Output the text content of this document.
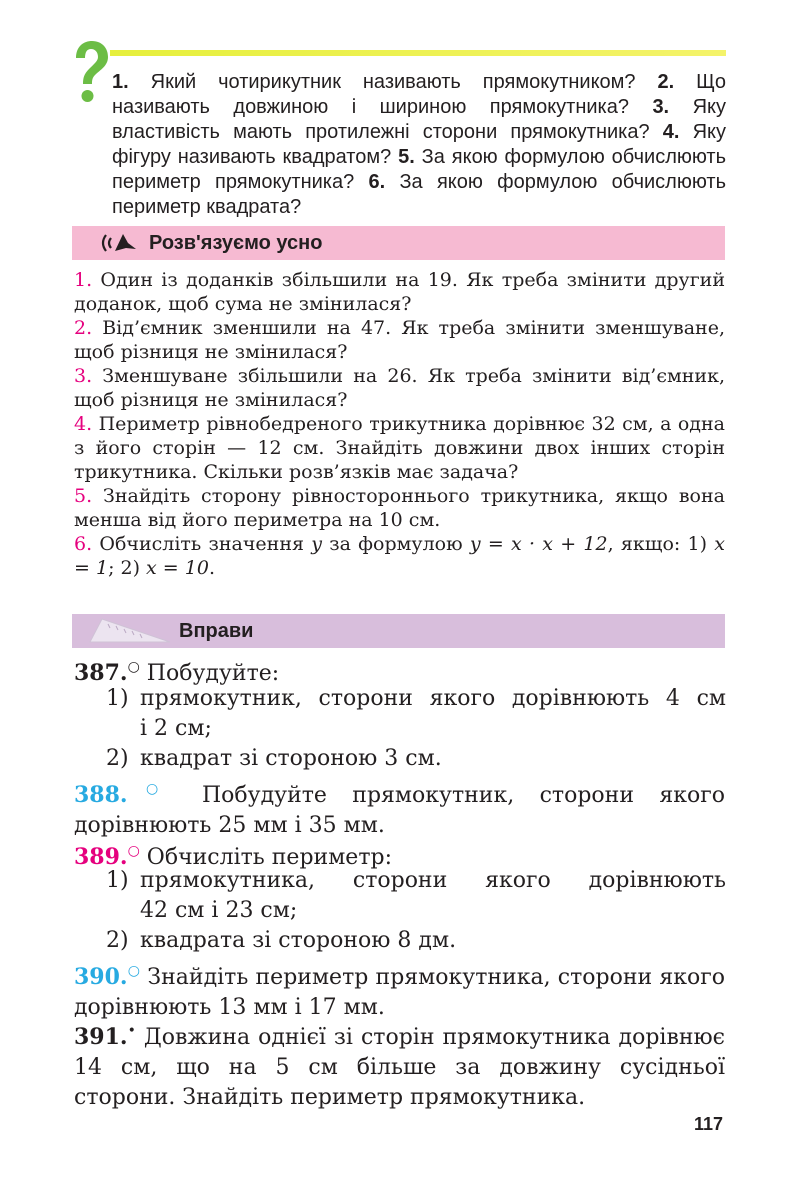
1. Який чотирикутник називають прямокутником? 2. Що називають довжиною і шириною прямокутника? 3. Яку властивість мають протилежні сторони прямокутника? 4. Яку фігуру називають квадратом? 5. За якою формулою обчислюють периметр прямокутника? 6. За якою формулою обчислюють периметр квадрата?
Розв'язуємо усно

1. Один із доданків збільшили на 19. Як треба змінити другий доданок, щоб сума не змінилася?

2. Від’ємник зменшили на 47. Як треба змінити зменшуване, щоб різниця не змінилася?

3. Зменшуване збільшили на 26. Як треба змінити від’ємник, щоб різниця не змінилася?

4. Периметр рівнобедреного трикутника дорівнює 32 см, а одна з його сторін — 12 см. Знайдіть довжини двох інших сторін трикутника. Скільки розв’язків має задача?

5. Знайдіть сторону рівностороннього трикутника, якщо вона менша від його периметра на 10 см.

6. Обчисліть значення y за формулою y = x · x + 12, якщо: 1) x = 1; 2) x = 10.

Вправи

387.○ Побудуйте:

1) прямокутник, сторони якого дорівнюють 4 см
і 2 см;
2) квадрат зі стороною 3 см.

388.○ Побудуйте прямокутник, сторони якого дорівнюють 25 мм і 35 мм.

389.○ Обчисліть периметр:

1) прямокутника, сторони якого дорівнюють
42 см і 23 см;
2) квадрата зі стороною 8 дм.

390.○ Знайдіть периметр прямокутника, сторони якого дорівнюють 13 мм і 17 мм.

391.• Довжина однієї зі сторін прямокутника дорівнює 14 см, що на 5 см більше за довжину сусідньої сторони. Знайдіть периметр прямокутника.

117
